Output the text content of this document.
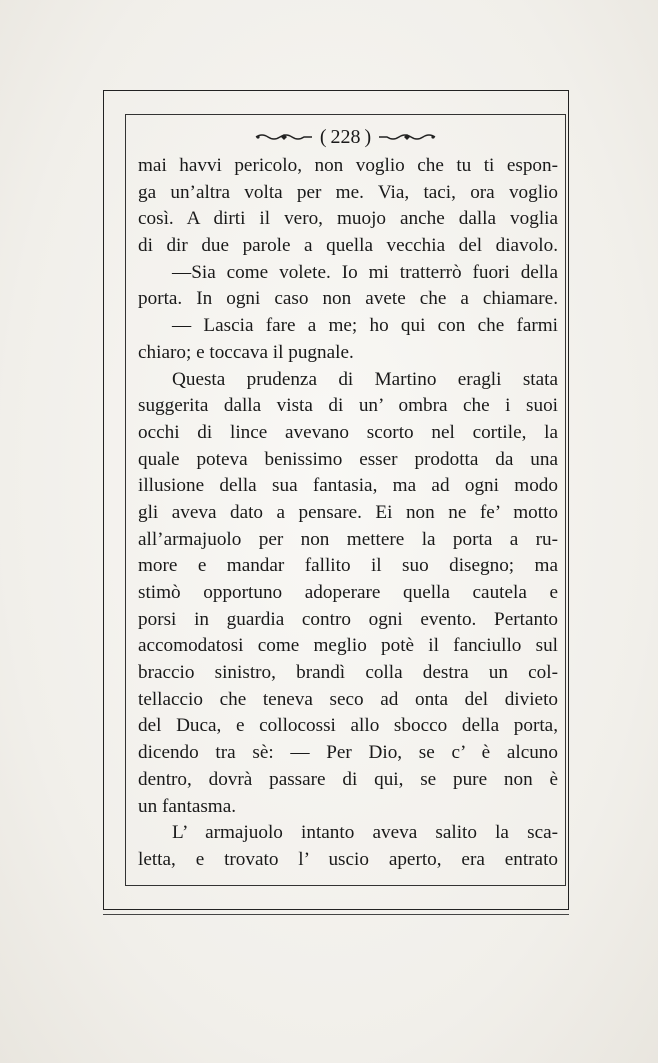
(  228  )
mai havvi pericolo, non voglio che tu ti espon-
ga un’altra volta per me. Via, taci, ora voglio
così. A dirti il vero, muojo anche dalla voglia
di dir due parole a quella vecchia del diavolo.
—Sia come volete. Io mi tratterrò fuori della
porta. In ogni caso non avete che a chiamare.
— Lascia fare a me; ho qui con che farmi
chiaro; e toccava il pugnale.
Questa prudenza di Martino eragli stata
suggerita dalla vista di un’ ombra che i suoi
occhi di lince avevano scorto nel cortile, la
quale poteva benissimo esser prodotta da una
illusione della sua fantasia, ma ad ogni modo
gli aveva dato a pensare. Ei non ne fe’ motto
all’armajuolo per non mettere la porta a ru-
more e mandar fallito il suo disegno; ma
stimò opportuno adoperare quella cautela e
porsi in guardia contro ogni evento. Pertanto
accomodatosi come meglio potè il fanciullo sul
braccio sinistro, brandì colla destra un col-
tellaccio che teneva seco ad onta del divieto
del Duca, e collocossi allo sbocco della porta,
dicendo tra sè: — Per Dio, se c’ è alcuno
dentro, dovrà passare di qui, se pure non è
un fantasma.
L’ armajuolo intanto aveva salito la sca-
letta, e trovato l’ uscio aperto, era entrato
